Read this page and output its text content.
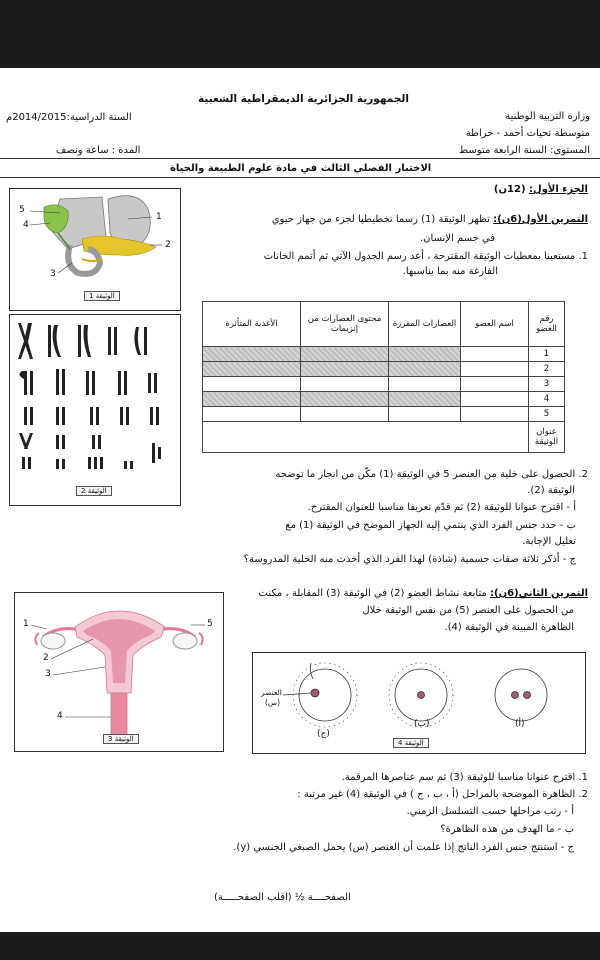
الجمهورية الجزائرية الديمقراطية الشعبية
وزارة التربية الوطنية
متوسطة تحيات أحمد - خراطة
المستوى: السنة الرابعة متوسط
السنة الدراسية:2014/2015م
المدة : ساعة ونصف
الاختبار الفصلي الثالث في مادة علوم الطبيعة والحياة
الجزء الأول: (12ن)
التمرين الأول(6ن): تظهر الوثيقة (1) رسما تخطيطيا لجزء من جهاز حيوي
في جسم الإنسان.
1. مستعينا بمعطيات الوثيقة المقترحة ، أعد رسم الجدول الآتي ثم أتمم الخانات
الفارغة منه بما يناسبها.
5
4
1
2
3
الوثيقة 1
الوثيقة 2
رقم العضو	اسم العضو	العصارات المفرزة	محتوى العصارات من إنزيمات	الأغذية المتأثرة
1				
2				
3				
4				
5				
عنوان الوثيقة				
2. الحصول على خلية من العنصر 5 في الوثيقة (1) مكّن من انجاز ما توضحه
الوثيقة (2).
أ - اقترح عنوانا للوثيقة (2) ثم قدّم تعريفا مناسبا للعنوان المقترح.
ب - حدد جنس الفرد الذي ينتمي إليه الجهاز الموضح في الوثيقة (1) مع
تعليل الإجابة.
ج - أذكر ثلاثة صفات جسمية (شاذة) لهذا الفرد الذي أخذت منه الخلية المدروسة؟
التمرين الثاني(6ن): متابعة نشاط العضو (2) في الوثيقة (3) المقابلة ، مكنت
من الحصول على العنصر (5) من نفس الوثيقة خلال
الظاهرة المبينة في الوثيقة (4).
1
2
3
4
5
الوثيقة 3
العنصر
(س)
(ج)
(ب)	(أ)
الوثيقة 4
1. اقترح عنوانا مناسبا للوثيقة (3) ثم سم عناصرها المرقمة.
2. الظاهرة الموضحة بالمراحل (أ ، ب ، ج ) في الوثيقة (4) غير مرتبة :
أ - رتب مراحلها حسب التسلسل الزمني.
ب - ما الهدف من هذه الظاهرة؟
ج - استنتج جنس الفرد الناتج إذا علمت أن العنصر (س) يحمل الصبغي الجنسي (y).
الصفحــــة ½ (اقلب الصفحـــــة)
